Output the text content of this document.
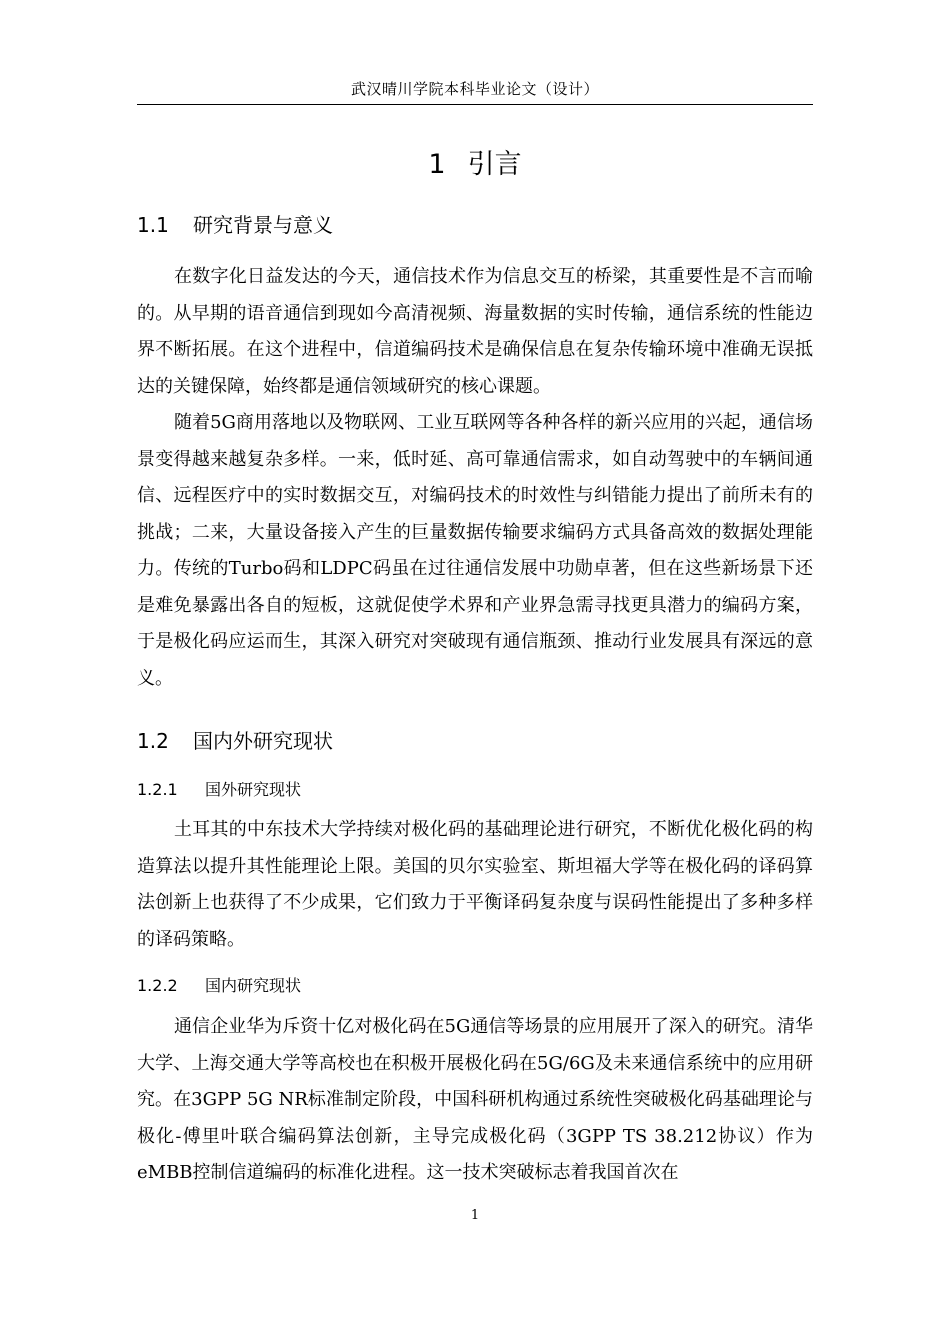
武汉晴川学院本科毕业论文（设计）
1 引言
1.1 研究背景与意义

在数字化日益发达的今天，通信技术作为信息交互的桥梁，其重要性是不言而喻的。从早期的语音通信到现如今高清视频、海量数据的实时传输，通信系统的性能边界不断拓展。在这个进程中，信道编码技术是确保信息在复杂传输环境中准确无误抵达的关键保障，始终都是通信领域研究的核心课题。

随着5G商用落地以及物联网、工业互联网等各种各样的新兴应用的兴起，通信场景变得越来越复杂多样。一来，低时延、高可靠通信需求，如自动驾驶中的车辆间通信、远程医疗中的实时数据交互，对编码技术的时效性与纠错能力提出了前所未有的挑战；二来，大量设备接入产生的巨量数据传输要求编码方式具备高效的数据处理能力。传统的Turbo码和LDPC码虽在过往通信发展中功勋卓著，但在这些新场景下还是难免暴露出各自的短板，这就促使学术界和产业界急需寻找更具潜力的编码方案，于是极化码应运而生，其深入研究对突破现有通信瓶颈、推动行业发展具有深远的意义。

1.2 国内外研究现状
1.2.1 国外研究现状

土耳其的中东技术大学持续对极化码的基础理论进行研究，不断优化极化码的构造算法以提升其性能理论上限。美国的贝尔实验室、斯坦福大学等在极化码的译码算法创新上也获得了不少成果，它们致力于平衡译码复杂度与误码性能提出了多种多样的译码策略。

1.2.2 国内研究现状

通信企业华为斥资十亿对极化码在5G通信等场景的应用展开了深入的研究。清华大学、上海交通大学等高校也在积极开展极化码在5G/6G及未来通信系统中的应用研究。在3GPP 5G NR标准制定阶段，中国科研机构通过系统性突破极化码基础理论与极化-傅里叶联合编码算法创新，主导完成极化码（3GPP TS 38.212协议）作为eMBB控制信道编码的标准化进程。这一技术突破标志着我国首次在

1
